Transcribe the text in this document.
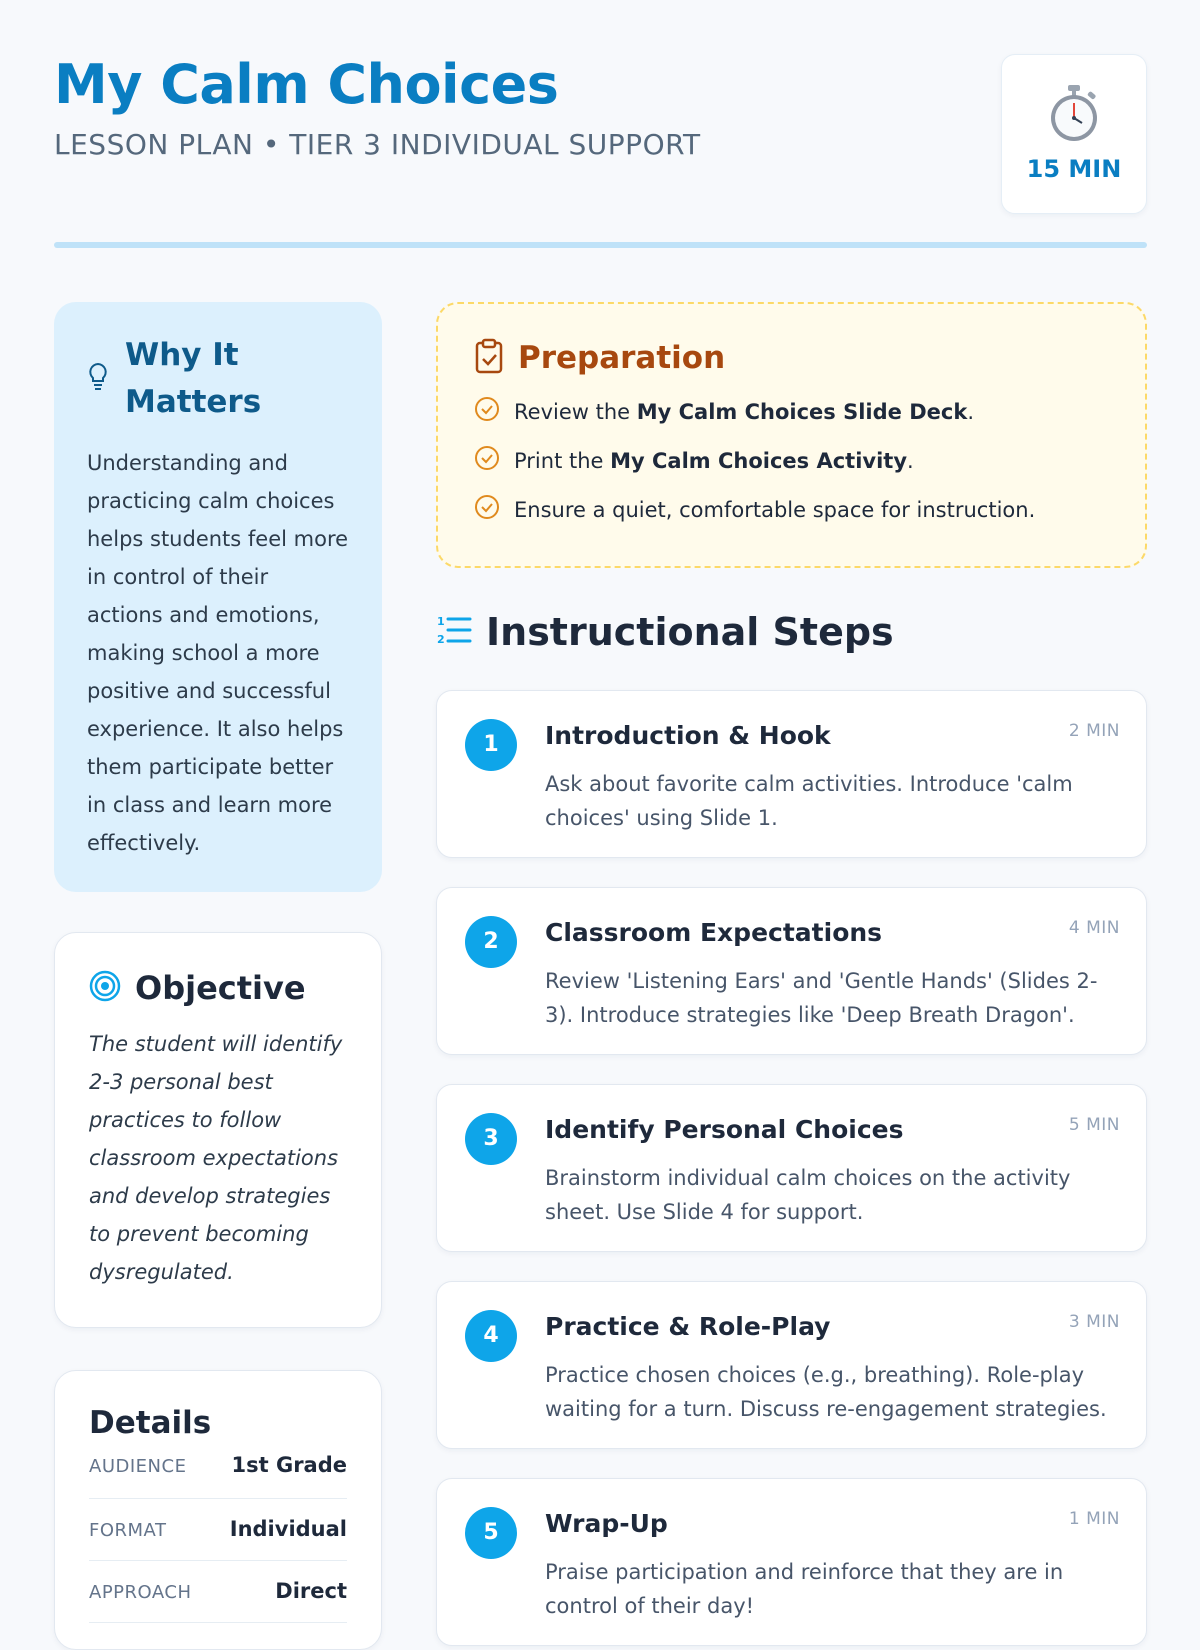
My Calm Choices
LESSON PLAN • TIER 3 INDIVIDUAL SUPPORT
15 MIN
Why It Matters
Understanding and practicing calm choices helps students feel more in control of their actions and emotions, making school a more positive and successful experience. It also helps them participate better in class and learn more effectively.
Objective
The student will identify 2-3 personal best practices to follow classroom expectations and develop strategies to prevent becoming dysregulated.
Details
AUDIENCE 1st Grade
FORMAT	Individual
APPROACH	Direct
Preparation
Review the My Calm Choices Slide Deck.
Print the My Calm Choices Activity.
Ensure a quiet, comfortable space for instruction.
1
2 Instructional Steps
1	Introduction & Hook	2 MIN
Ask about favorite calm activities. Introduce 'calm choices' using Slide 1.
2	Classroom Expectations	4 MIN
Review 'Listening Ears' and 'Gentle Hands' (Slides 2-3). Introduce strategies like 'Deep Breath Dragon'.
3	Identify Personal Choices	5 MIN
Brainstorm individual calm choices on the activity sheet. Use Slide 4 for support.
4	Practice & Role-Play	3 MIN
Practice chosen choices (e.g., breathing). Role-play waiting for a turn. Discuss re-engagement strategies.
5	Wrap-Up	1 MIN
Praise participation and reinforce that they are in control of their day!
